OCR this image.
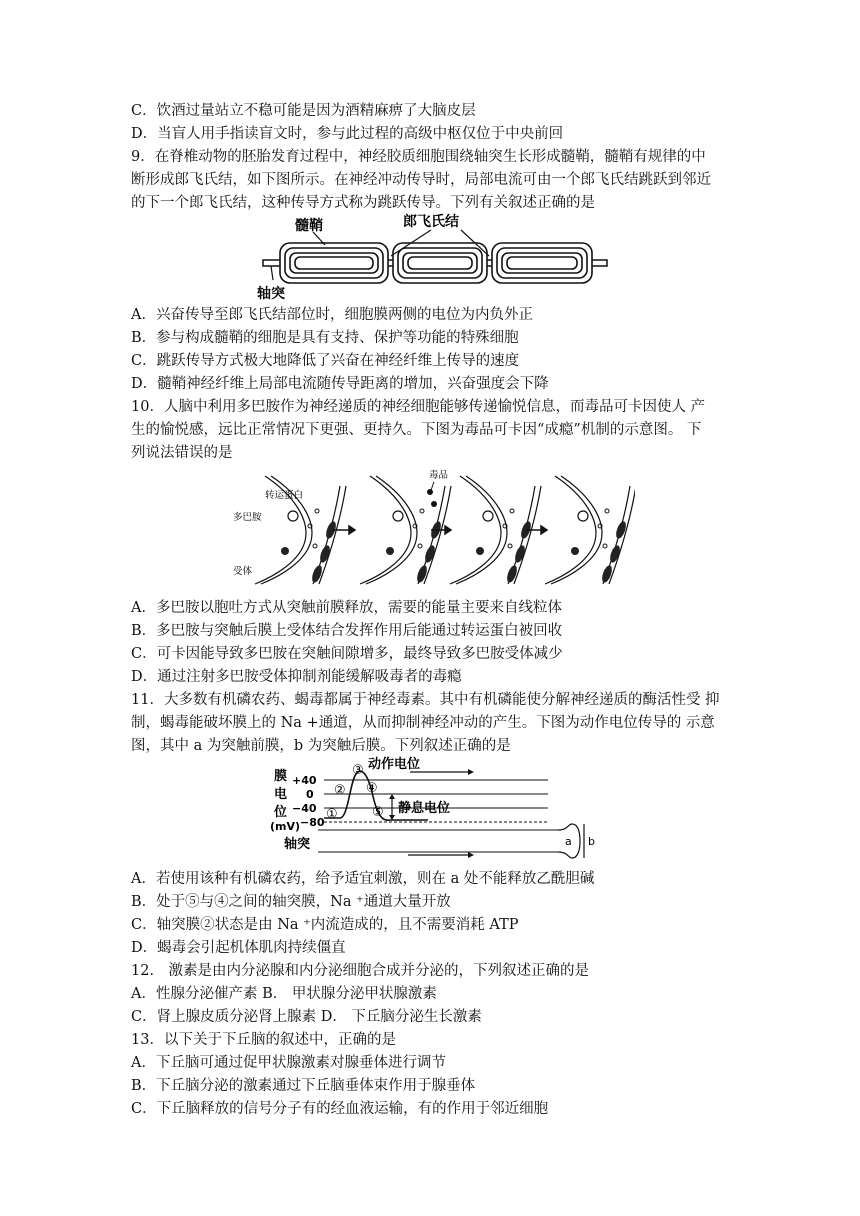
C．饮酒过量站立不稳可能是因为酒精麻痹了大脑皮层
D．当盲人用手指读盲文时，参与此过程的高级中枢仅位于中央前回
9．在脊椎动物的胚胎发育过程中，神经胶质细胞围绕轴突生长形成髓鞘，髓鞘有规律的中
断形成郎飞氏结，如下图所示。在神经冲动传导时，局部电流可由一个郎飞氏结跳跃到邻近
的下一个郎飞氏结，这种传导方式称为跳跃传导。下列有关叙述正确的是
髓鞘	郎飞氏结
轴突
A．兴奋传导至郎飞氏结部位时，细胞膜两侧的电位为内负外正
B．参与构成髓鞘的细胞是具有支持、保护等功能的特殊细胞
C．跳跃传导方式极大地降低了兴奋在神经纤维上传导的速度
D．髓鞘神经纤维上局部电流随传导距离的增加，兴奋强度会下降
10．人脑中利用多巴胺作为神经递质的神经细胞能够传递愉悦信息，而毒品可卡因使人 产
生的愉悦感，远比正常情况下更强、更持久。下图为毒品可卡因“成瘾”机制的示意图。 下
列说法错误的是
转运蛋白
多巴胺
受体
毒品
A．多巴胺以胞吐方式从突触前膜释放，需要的能量主要来自线粒体
B．多巴胺与突触后膜上受体结合发挥作用后能通过转运蛋白被回收
C．可卡因能导致多巴胺在突触间隙增多，最终导致多巴胺受体减少
D．通过注射多巴胺受体抑制剂能缓解吸毒者的毒瘾
11．大多数有机磷农药、蝎毒都属于神经毒素。其中有机磷能使分解神经递质的酶活性受 抑
制，蝎毒能破坏膜上的 Na +通道，从而抑制神经冲动的产生。下图为动作电位传导的 示意
图，其中 a 为突触前膜，b 为突触后膜。下列叙述正确的是
膜
电
位
(mV)
+40
0
−40
−80
静息电位
动作电位
①
②
③
④
⑤
轴突	a b
A．若使用该种有机磷农药，给予适宜刺激，则在 a 处不能释放乙酰胆碱
B．处于⑤与④之间的轴突膜，Na ⁺通道大量开放
C．轴突膜②状态是由 Na ⁺内流造成的，且不需要消耗 ATP
D．蝎毒会引起机体肌肉持续僵直
12． 激素是由内分泌腺和内分泌细胞合成并分泌的，下列叙述正确的是
A．性腺分泌催产素 B． 甲状腺分泌甲状腺激素
C．肾上腺皮质分泌肾上腺素 D． 下丘脑分泌生长激素
13．以下关于下丘脑的叙述中，正确的是
A．下丘脑可通过促甲状腺激素对腺垂体进行调节
B．下丘脑分泌的激素通过下丘脑垂体束作用于腺垂体
C．下丘脑释放的信号分子有的经血液运输，有的作用于邻近细胞
